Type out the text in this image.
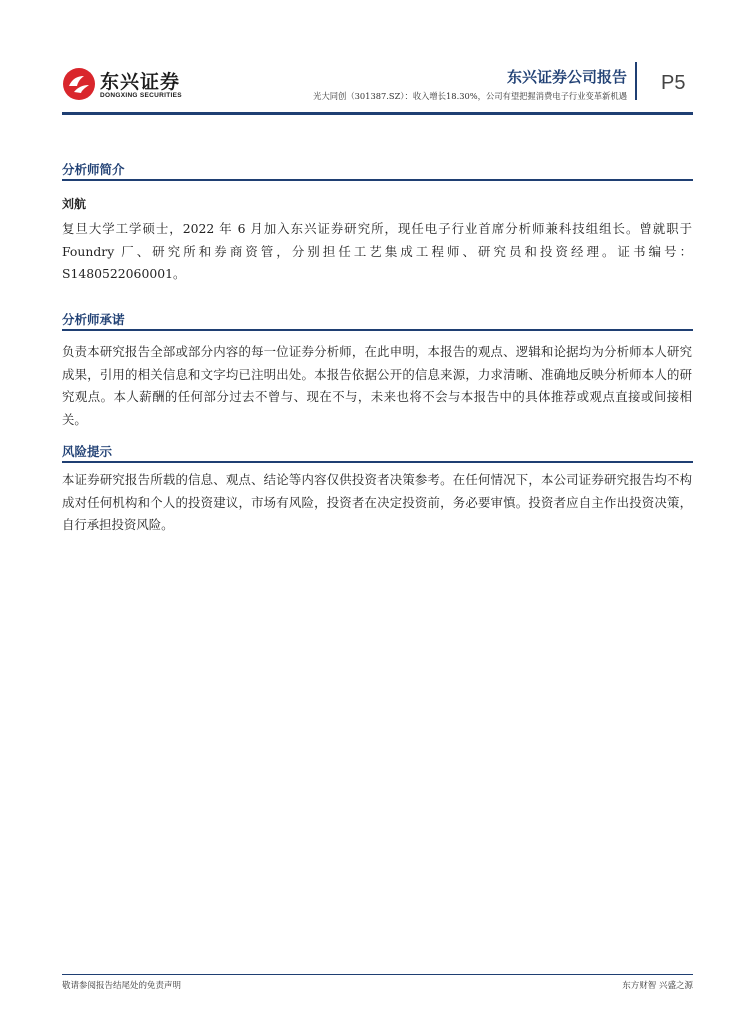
东兴证券
DONGXING SECURITIES
东兴证券公司报告
光大同创（301387.SZ）：收入增长18.30%，公司有望把握消费电子行业变革新机遇
P5
分析师简介
刘航
复旦大学工学硕士，2022 年 6 月加入东兴证券研究所，现任电子行业首席分析师兼科技组组长。曾就职于 Foundry 厂、研究所和券商资管，分别担任工艺集成工程师、研究员和投资经理。证书编号：S1480522060001。
分析师承诺
负责本研究报告全部或部分内容的每一位证券分析师，在此申明，本报告的观点、逻辑和论据均为分析师本人研究成果，引用的相关信息和文字均已注明出处。本报告依据公开的信息来源，力求清晰、准确地反映分析师本人的研究观点。本人薪酬的任何部分过去不曾与、现在不与，未来也将不会与本报告中的具体推荐或观点直接或间接相关。
风险提示
本证券研究报告所载的信息、观点、结论等内容仅供投资者决策参考。在任何情况下，本公司证券研究报告均不构成对任何机构和个人的投资建议，市场有风险，投资者在决定投资前，务必要审慎。投资者应自主作出投资决策，自行承担投资风险。
敬请参阅报告结尾处的免责声明	东方财智 兴盛之源
